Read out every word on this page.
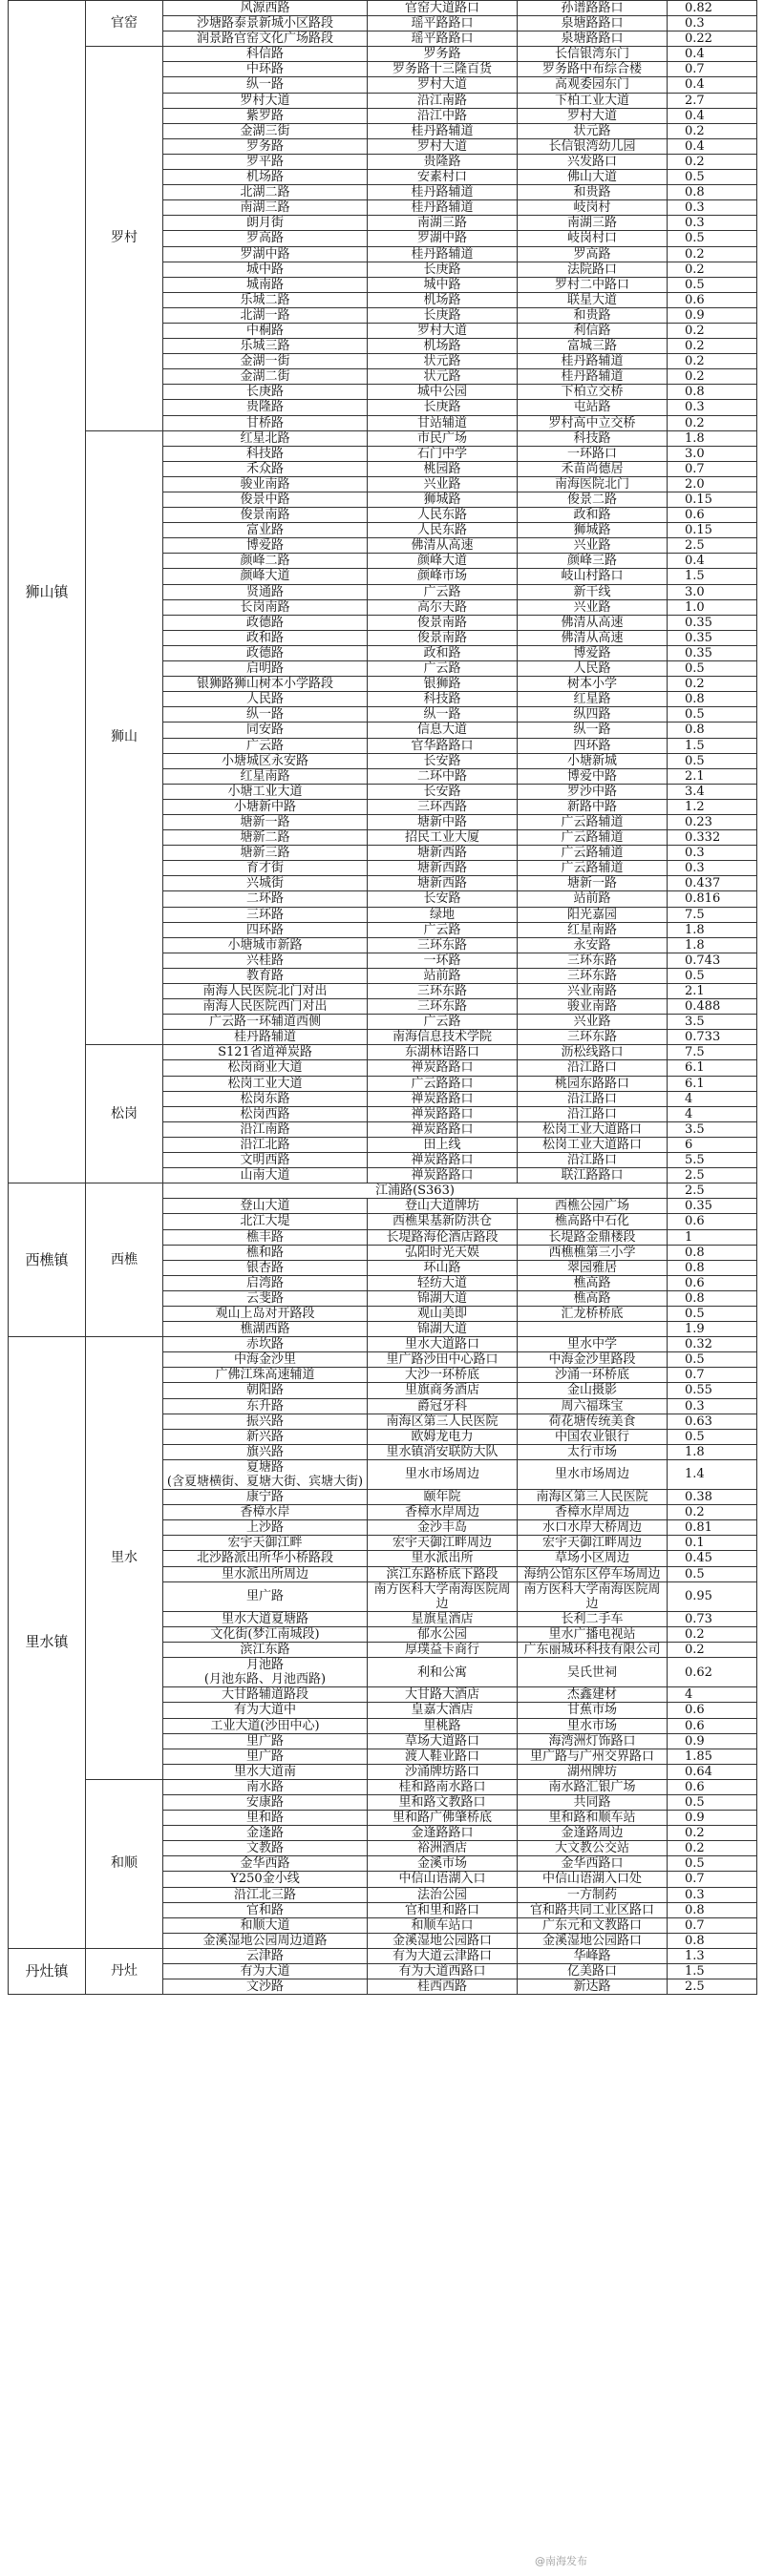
狮山镇	官窑	风源西路	官窑大道路口	孙谱路路口	0.82
		沙塘路泰景新城小区路段	瑶平路路口	泉塘路路口	0.3
		润景路官窑文化广场路段	瑶平路路口	泉塘路路口	0.22
	罗村	科信路	罗务路	长信银湾东门	0.4
		中环路	罗务路十三隆百货	罗务路中布综合楼	0.7
		纵一路	罗村大道	高观委园东门	0.4
		罗村大道	沿江南路	下柏工业大道	2.7
		紫罗路	沿江中路	罗村大道	0.4
		金湖三街	桂丹路辅道	状元路	0.2
		罗务路	罗村大道	长信银湾幼儿园	0.4
		罗平路	贵隆路	兴发路口	0.2
		机场路	安素村口	佛山大道	0.5
		北湖二路	桂丹路辅道	和贵路	0.8
		南湖三路	桂丹路辅道	岐岗村	0.3
		朗月街	南湖三路	南湖三路	0.3
		罗高路	罗湖中路	岐岗村口	0.5
		罗湖中路	桂丹路辅道	罗高路	0.2
		城中路	长庚路	法院路口	0.2
		城南路	城中路	罗村二中路口	0.5
		乐城二路	机场路	联星大道	0.6
		北湖一路	长庚路	和贵路	0.9
		中桐路	罗村大道	利信路	0.2
		乐城三路	机场路	富城三路	0.2
		金湖一街	状元路	桂丹路辅道	0.2
		金湖二街	状元路	桂丹路辅道	0.2
		长庚路	城中公园	下柏立交桥	0.8
		贵隆路	长庚路	屯站路	0.3
		甘桥路	甘站辅道	罗村高中立交桥	0.2
	狮山	红星北路	市民广场	科技路	1.8
		科技路	石门中学	一环路口	3.0
		禾众路	桃园路	禾苗尚德居	0.7
		骏业南路	兴业路	南海医院北门	2.0
		俊景中路	狮城路	俊景二路	0.15
		俊景南路	人民东路	政和路	0.6
		富业路	人民东路	狮城路	0.15
		博爱路	佛清从高速	兴业路	2.5
		颜峰二路	颜峰大道	颜峰三路	0.4
		颜峰大道	颜峰市场	岐山村路口	1.5
		贤通路	广云路	新干线	3.0
		长岗南路	高尔夫路	兴业路	1.0
		政德路	俊景南路	佛清从高速	0.35
		政和路	俊景南路	佛清从高速	0.35
		政德路	政和路	博爱路	0.35
		启明路	广云路	人民路	0.5
		银狮路狮山树本小学路段	银狮路	树本小学	0.2
		人民路	科技路	红星路	0.8
		纵一路	纵一路	纵四路	0.5
		同安路	信息大道	纵一路	0.8
		广云路	官华路路口	四环路	1.5
		小塘城区永安路	长安路	小塘新城	0.5
		红星南路	二环中路	博爱中路	2.1
		小塘工业大道	长安路	罗沙中路	3.4
		小塘新中路	三环西路	新路中路	1.2
		塘新一路	塘新中路	广云路辅道	0.23
		塘新二路	招民工业大厦	广云路辅道	0.332
		塘新三路	塘新西路	广云路辅道	0.3
		育才街	塘新西路	广云路辅道	0.3
		兴城街	塘新西路	塘新一路	0.437
		二环路	长安路	站前路	0.816
		三环路	绿地	阳光嘉园	7.5
		四环路	广云路	红星南路	1.8
		小塘城市新路	三环东路	永安路	1.8
		兴桂路	一环路	三环东路	0.743
		教育路	站前路	三环东路	0.5
		南海人民医院北门对出	三环东路	兴业南路	2.1
		南海人民医院西门对出	三环东路	骏业南路	0.488
		广云路一环辅道西侧	广云路	兴业路	3.5
		桂丹路辅道	南海信息技术学院	三环东路	0.733
	松岗	S121省道禅炭路	东湖林语路口	沥松线路口	7.5
		松岗商业大道	禅炭路路口	沿江路口	6.1
		松岗工业大道	广云路路口	桃园东路路口	6.1
		松岗东路	禅炭路路口	沿江路口	4
		松岗西路	禅炭路路口	沿江路口	4
		沿江南路	禅炭路路口	松岗工业大道路口	3.5
		沿江北路	田上线	松岗工业大道路口	6
		文明西路	禅炭路路口	沿江路口	5.5
		山南大道	禅炭路路口	联江路路口	2.5
西樵镇	西樵	江浦路(S363)			2.5
		登山大道	登山大道牌坊	西樵公园广场	0.35
		北江大堤	西樵果基新防洪仓	樵高路中石化	0.6
		樵丰路	长堤路海伦酒店路段	长堤路金鼎楼段	1
		樵和路	弘阳时光天娱	西樵樵第三小学	0.8
		银杏路	环山路	翠园雅居	0.8
		启湾路	轻纺大道	樵高路	0.6
		云斐路	锦湖大道	樵高路	0.8
		观山上岛对开路段	观山美即	汇龙桥桥底	0.5
		樵湖西路	锦湖大道		1.9
里水镇	里水	赤坎路	里水大道路口	里水中学	0.32
		中海金沙里	里广路沙田中心路口	中海金沙里路段	0.5
		广佛江珠高速辅道	大沙一环桥底	沙涌一环桥底	0.7
		朝阳路	里旗商务酒店	金山摄影	0.55
		东升路	爵冠牙科	周六福珠宝	0.3
		振兴路	南海区第三人民医院	荷花塘传统美食	0.63
		新兴路	欧姆龙电力	中国农业银行	0.5
		旗兴路	里水镇消安联防大队	太行市场	1.8
		夏塘路
(含夏塘横街、夏塘大街、宾塘大街)	里水市场周边	里水市场周边	1.4
		康宁路	颐年院	南海区第三人民医院	0.38
		香樟水岸	香樟水岸周边	香樟水岸周边	0.2
		上沙路	金沙丰岛	水口水岸大桥周边	0.81
		宏宇天御江畔	宏宇天御江畔周边	宏宇天御江畔周边	0.1
		北沙路派出所华小桥路段	里水派出所	草场小区周边	0.45
		里水派出所周边	滨江东路桥底下路段	海纳公馆东区停车场周边	0.5
		里广路	南方医科大学南海医院周边	南方医科大学南海医院周边	0.95
		里水大道夏塘路	星旗星酒店	长利二手车	0.73
		文化街(梦江南城段)	郁水公园	里水广播电视站	0.2
		滨江东路	厚璞益卡商行	广东丽城环科技有限公司	0.2
		月池路
(月池东路、月池西路)	利和公寓	吴氏世祠	0.62
		大甘路辅道路段	大甘路大酒店	杰鑫建材	4
		有为大道中	皇嘉大酒店	甘蕉市场	0.6
		工业大道(沙田中心)	里桃路	里水市场	0.6
		里广路	草场大道路口	海湾洲灯饰路口	0.9
		里广路	渡人鞋业路口	里广路与广州交界路口	1.85
		里水大道南	沙涌牌坊路口	湖州牌坊	0.64
	和顺	南水路	桂和路南水路口	南水路汇银广场	0.6
		安康路	里和路文教路口	共同路	0.5
		里和路	里和路广佛肇桥底	里和路和顺车站	0.9
		金逢路	金逢路路口	金逢路周边	0.2
		文教路	裕洲酒店	大文教公交站	0.2
		金华西路	金溪市场	金华西路口	0.5
		Y250金小线	中信山语湖入口	中信山语湖入口处	0.7
		沿江北三路	法治公园	一方制药	0.3
		官和路	官和里和路口	官和路共同工业区路口	0.8
		和顺大道	和顺车站口	广东元和文教路口	0.7
		金溪湿地公园周边道路	金溪湿地公园路口	金溪湿地公园路口	0.8
丹灶镇	丹灶	云津路	有为大道云津路口	华峰路	1.3
		有为大道	有为大道西路口	亿美路口	1.5
		文沙路	桂西西路	新达路	2.5
@南海发布
